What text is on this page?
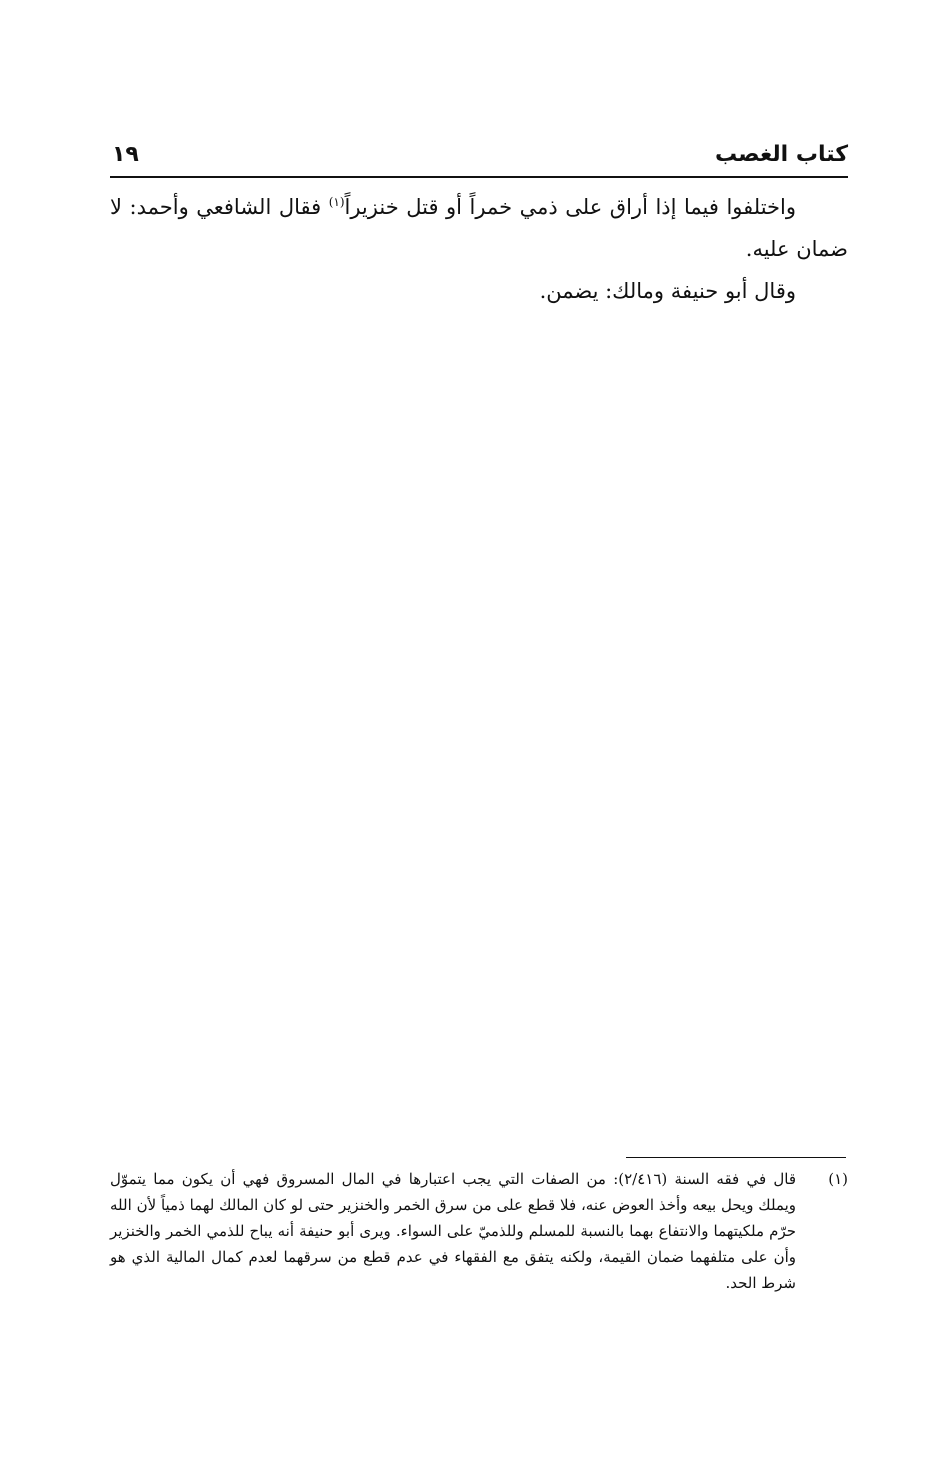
كتاب الغصب
١٩

واختلفوا فيما إذا أراق على ذمي خمراً أو قتل خنزيراً$^{(١)}$ فقال الشافعي وأحمد: لا ضمان عليه.

وقال أبو حنيفة ومالك: يضمن.

(١)
قال في فقه السنة (٢/٤١٦): من الصفات التي يجب اعتبارها في المال المسروق فهي أن يكون مما يتموّل ويملك ويحل بيعه وأخذ العوض عنه، فلا قطع على من سرق الخمر والخنزير حتى لو كان المالك لهما ذمياً لأن الله حرّم ملكيتهما والانتفاع بهما بالنسبة للمسلم وللذميّ على السواء. ويرى أبو حنيفة أنه يباح للذمي الخمر والخنزير وأن على متلفهما ضمان القيمة، ولكنه يتفق مع الفقهاء في عدم قطع من سرقهما لعدم كمال المالية الذي هو شرط الحد.
